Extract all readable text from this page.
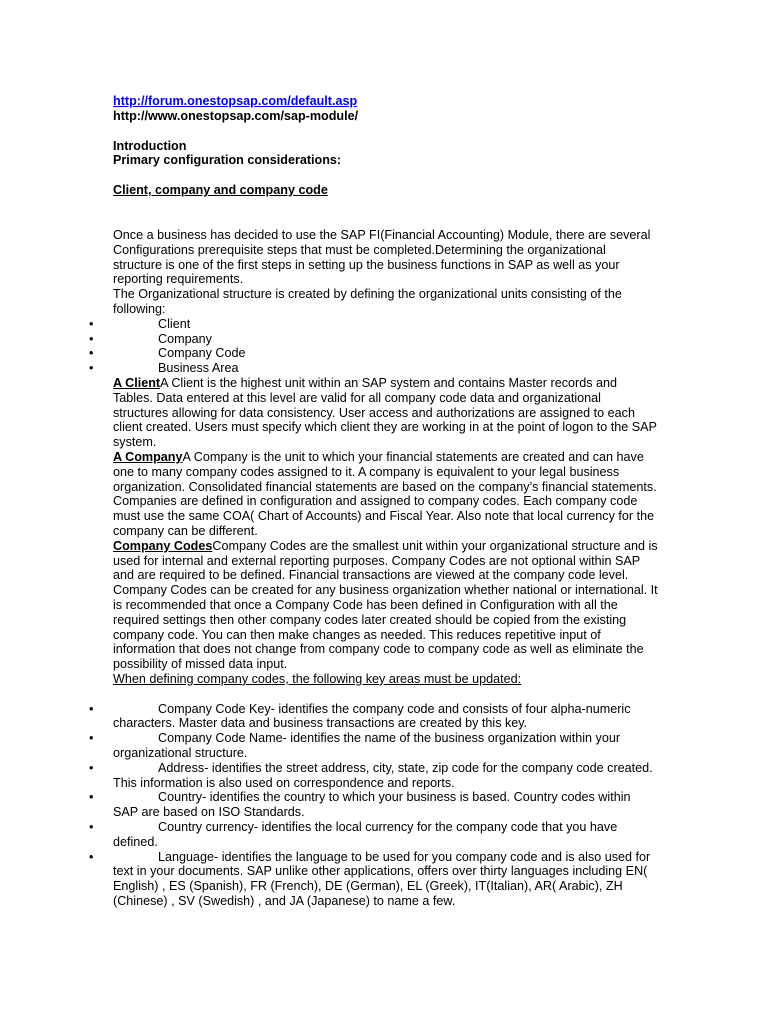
http://forum.onestopsap.com/default.asp
http://www.onestopsap.com/sap-module/
Introduction
Primary configuration considerations:
Client, company and company code

Once a business has decided to use the SAP FI(Financial Accounting) Module, there are several Configurations prerequisite steps that must be completed.Determining the organizational structure is one of the first steps in setting up the business functions in SAP as well as your reporting requirements.

The Organizational structure is created by defining the organizational units consisting of the following:

•	Client
•	Company
•	Company Code
•	Business Area

A ClientA Client is the highest unit within an SAP system and contains Master records and Tables. Data entered at this level are valid for all company code data and organizational structures allowing for data consistency. User access and authorizations are assigned to each client created. Users must specify which client they are working in at the point of logon to the SAP system.

A CompanyA Company is the unit to which your financial statements are created and can have one to many company codes assigned to it. A company is equivalent to your legal business organization. Consolidated financial statements are based on the company’s financial statements. Companies are defined in configuration and assigned to company codes. Each company code must use the same COA( Chart of Accounts) and Fiscal Year. Also note that local currency for the company can be different.

Company CodesCompany Codes are the smallest unit within your organizational structure and is used for internal and external reporting purposes. Company Codes are not optional within SAP and are required to be defined. Financial transactions are viewed at the company code level. Company Codes can be created for any business organization whether national or international. It is recommended that once a Company Code has been defined in Configuration with all the required settings then other company codes later created should be copied from the existing company code. You can then make changes as needed. This reduces repetitive input of information that does not change from company code to company code as well as eliminate the possibility of missed data input.

When defining company codes, the following key areas must be updated:

•	Company Code Key- identifies the company code and consists of four alpha-numeric characters. Master data and business transactions are created by this key.
•	Company Code Name- identifies the name of the business organization within your organizational structure.
•	Address- identifies the street address, city, state, zip code for the company code created. This information is also used on correspondence and reports.
•	Country- identifies the country to which your business is based. Country codes within SAP are based on ISO Standards.
•	Country currency- identifies the local currency for the company code that you have defined.
•	Language- identifies the language to be used for you company code and is also used for text in your documents. SAP unlike other applications, offers over thirty languages including EN( English) , ES (Spanish), FR (French), DE (German), EL (Greek), IT(Italian), AR( Arabic), ZH (Chinese) , SV (Swedish) , and JA (Japanese) to name a few.
